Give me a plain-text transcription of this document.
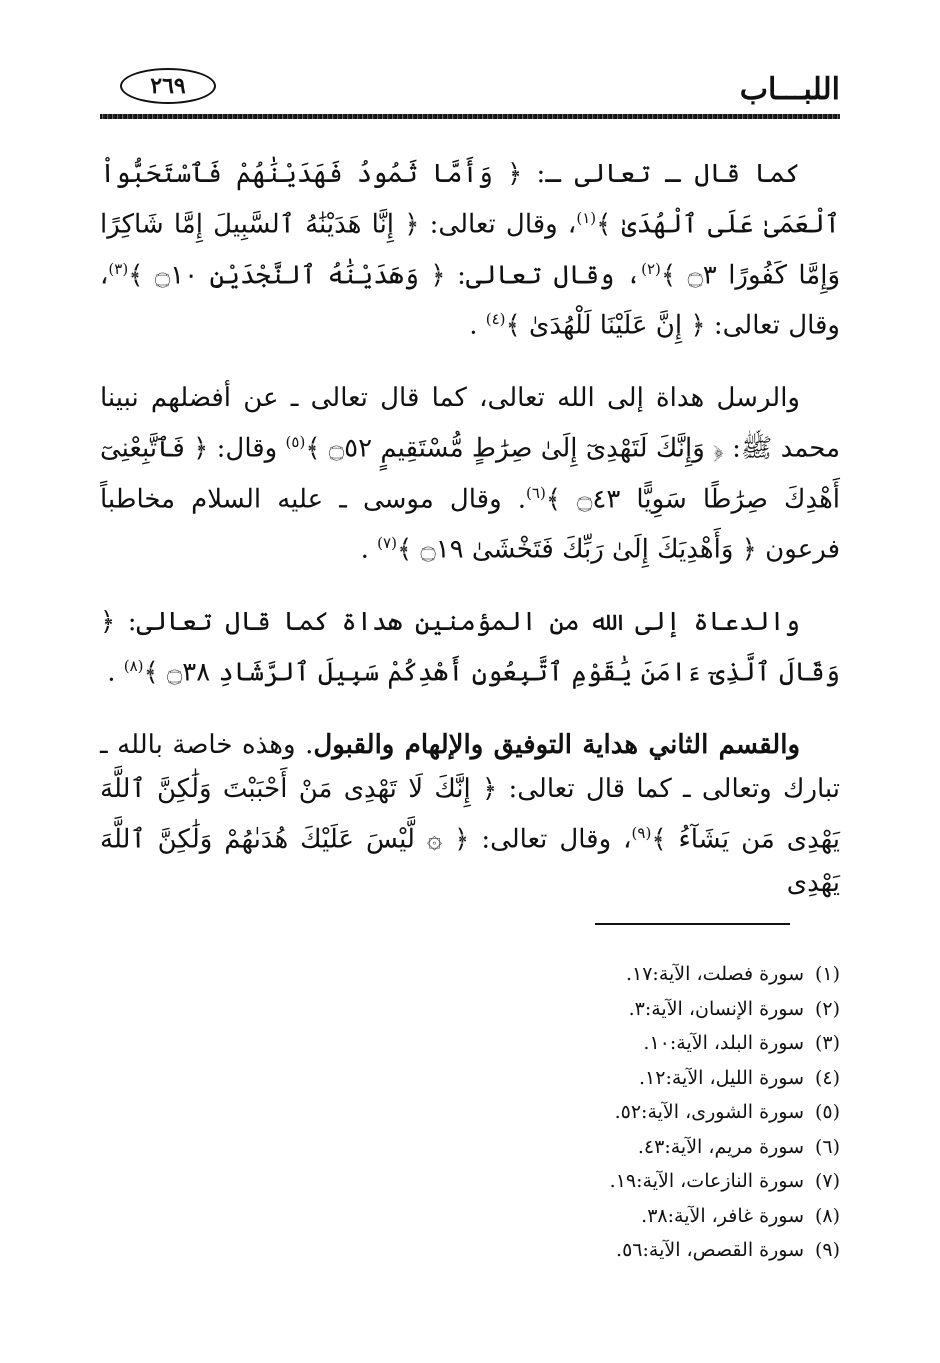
اللبـــاب
٢٦٩

كما قال ـ تعالى ـ: ﴿ وَأَمَّا ثَمُودُ فَهَدَيْنَٰهُمْ فَٱسْتَحَبُّواْ ٱلْعَمَىٰ عَلَى ٱلْهُدَىٰ ﴾$^{(١)}$، وقال تعالى: ﴿ إِنَّا هَدَيْنَٰهُ ٱلسَّبِيلَ إِمَّا شَاكِرًا وَإِمَّا كَفُورًا ۝٣ ﴾$^{(٢)}$، وقال تعالى: ﴿ وَهَدَيْنَٰهُ ٱلنَّجْدَيْنِ ۝١٠ ﴾$^{(٣)}$، وقال تعالى: ﴿ إِنَّ عَلَيْنَا لَلْهُدَىٰ ﴾$^{(٤)}$ .

والرسل هداة إلى الله تعالى، كما قال تعالى ـ عن أفضلهم نبينا محمد ﷺ: ﴿ وَإِنَّكَ لَتَهْدِىٓ إِلَىٰ صِرَٰطٍ مُّسْتَقِيمٍ ۝٥٢ ﴾$^{(٥)}$ وقال: ﴿ فَٱتَّبِعْنِىٓ أَهْدِكَ صِرَٰطًا سَوِيًّا ۝٤٣ ﴾$^{(٦)}$. وقال موسى ـ عليه السلام مخاطباً فرعون ﴿ وَأَهْدِيَكَ إِلَىٰ رَبِّكَ فَتَخْشَىٰ ۝١٩ ﴾$^{(٧)}$ .

والدعاة إلى الله من المؤمنين هداة كما قال تعالى: ﴿ وَقَالَ ٱلَّذِىٓ ءَامَنَ يَٰقَوْمِ ٱتَّبِعُونِ أَهْدِكُمْ سَبِيلَ ٱلرَّشَادِ ۝٣٨ ﴾$^{(٨)}$ .

والقسم الثاني هداية التوفيق والإلهام والقبول. وهذه خاصة بالله ـ تبارك وتعالى ـ كما قال تعالى: ﴿ إِنَّكَ لَا تَهْدِى مَنْ أَحْبَبْتَ وَلَٰكِنَّ ٱللَّهَ يَهْدِى مَن يَشَآءُ ﴾$^{(٩)}$، وقال تعالى: ﴿ ۞ لَّيْسَ عَلَيْكَ هُدَىٰهُمْ وَلَٰكِنَّ ٱللَّهَ يَهْدِى

(١)سورة فصلت، الآية:١٧.
(٢)سورة الإنسان، الآية:٣.
(٣)سورة البلد، الآية:١٠.
(٤)سورة الليل، الآية:١٢.
(٥)سورة الشورى، الآية:٥٢.
(٦)سورة مريم، الآية:٤٣.
(٧)سورة النازعات، الآية:١٩.
(٨)سورة غافر، الآية:٣٨.
(٩)سورة القصص، الآية:٥٦.
